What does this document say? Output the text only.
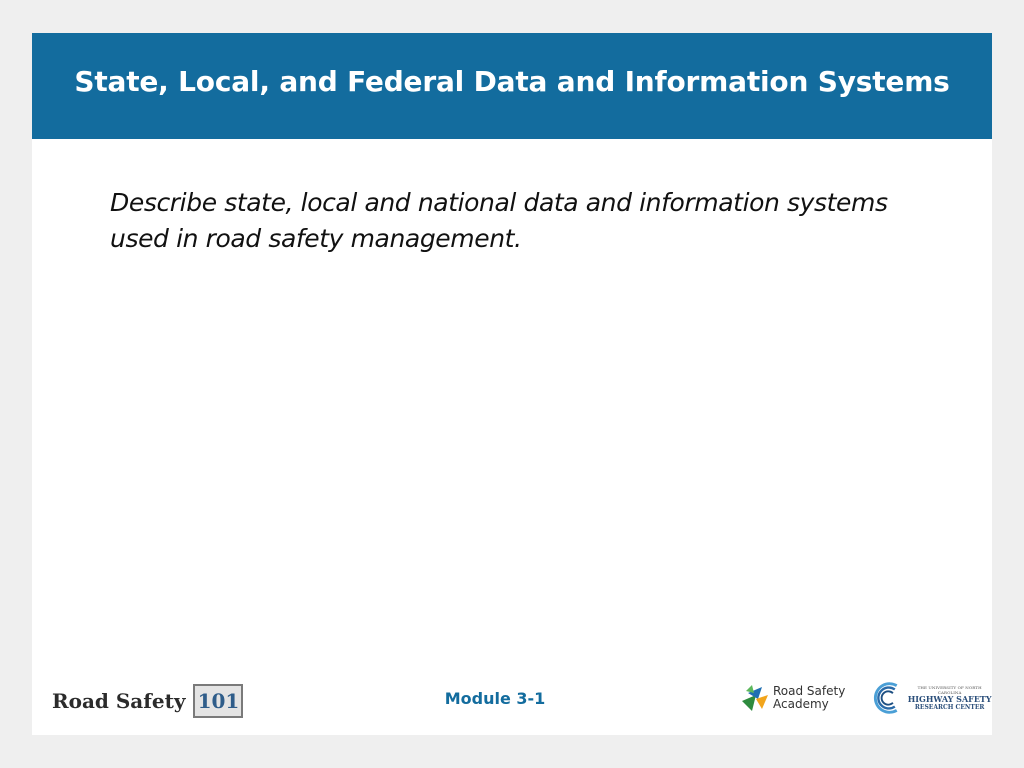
State, Local, and Federal Data and Information Systems

Describe state, local and national data and information systems used in road safety management.

Road Safety 101	Module 3-1	Road Safety
Academy
THE UNIVERSITY OF NORTH CAROLINA
HIGHWAY SAFETY
RESEARCH CENTER
